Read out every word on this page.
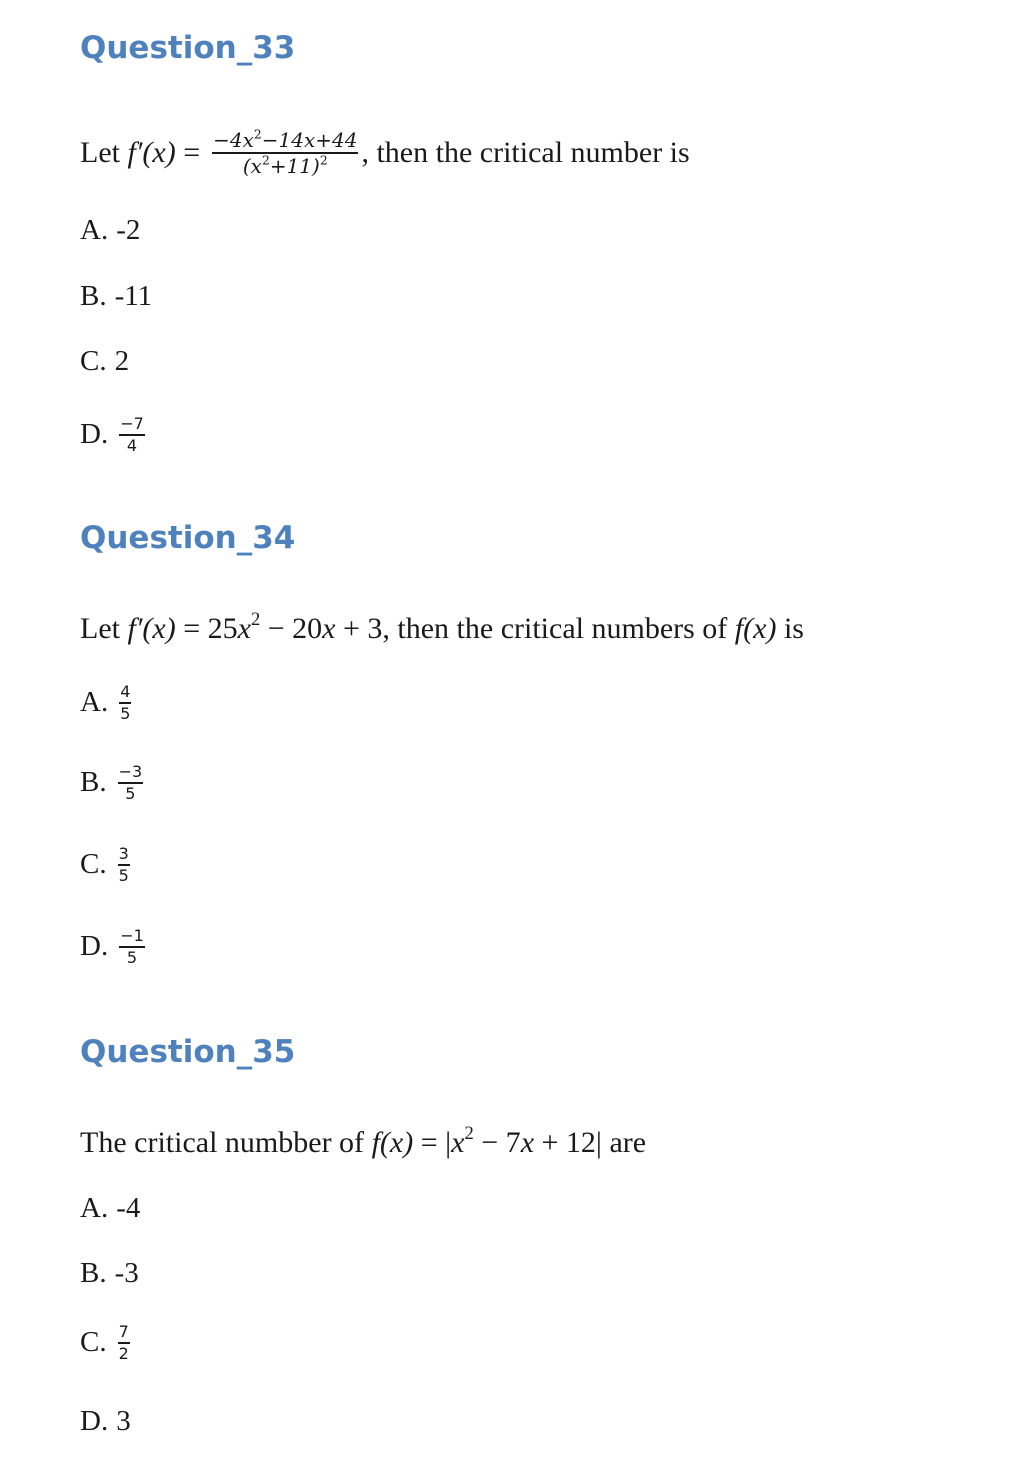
Question_33

Let $f'(x) = \frac{-4x^2-14x+44}{(x^2+11)^2}$ , then the critical number is

A. -2

B. -11

C. 2

D. $\frac{-7}{4}$

Question_34

Let $f'(x) = 25x^2 - 20x + 3$ , then the critical numbers of f(x) is

A. $\frac{4}{5}$

B. $\frac{-3}{5}$

C. $\frac{3}{5}$

D. $\frac{-1}{5}$

Question_35

The critical numbber of $f(x) = |x^2 - 7x + 12|$ are

A. -4

B. -3

C. $\frac{7}{2}$

D. 3
